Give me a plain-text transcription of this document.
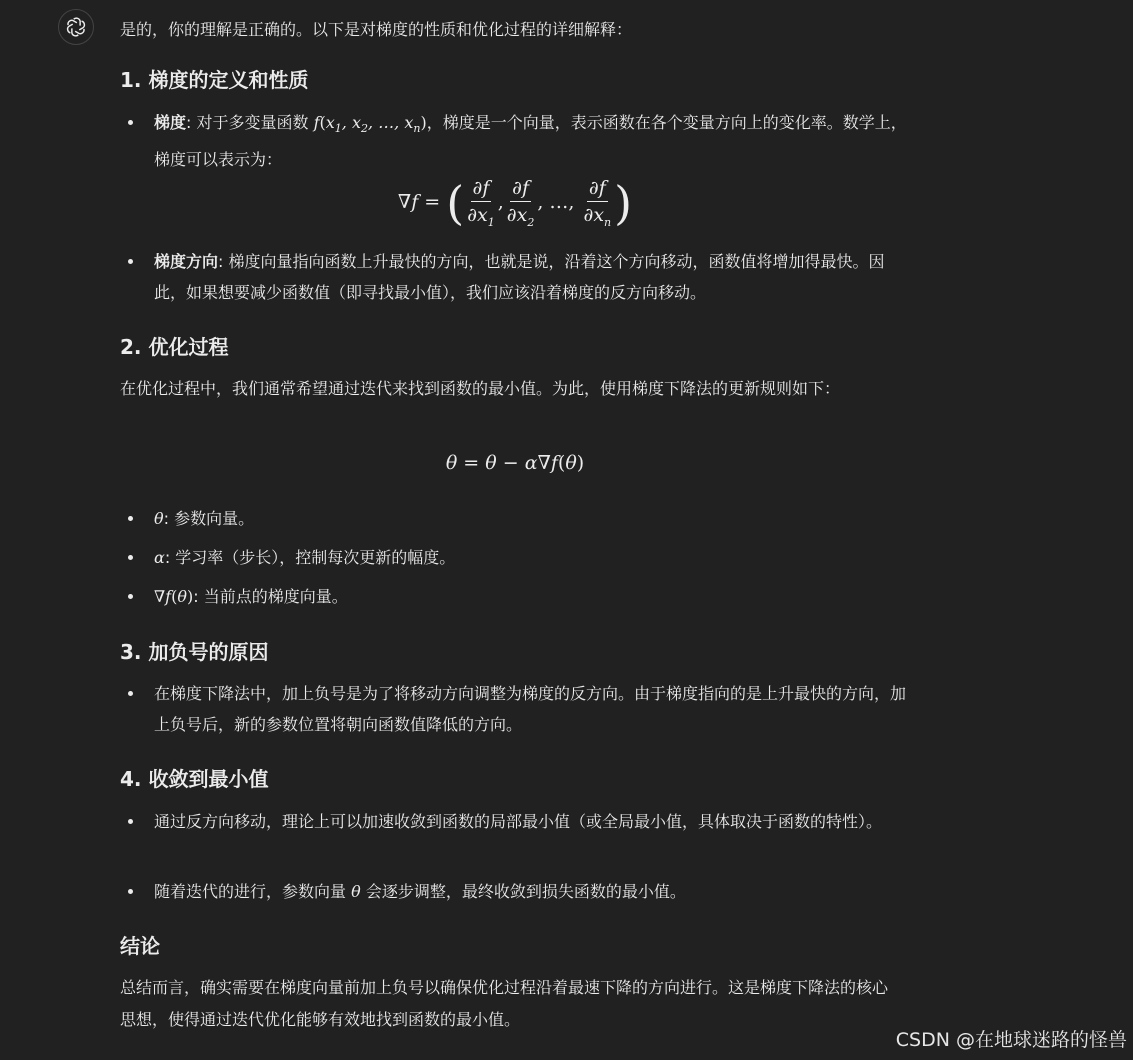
是的，你的理解是正确的。以下是对梯度的性质和优化过程的详细解释：
1. 梯度的定义和性质
梯度: 对于多变量函数 $f(x_1$, $x_2$, …, $x_n$)，梯度是一个向量，表示函数在各个变量方向上的变化率。数学上，梯度可以表示为：
∇f = ( $\frac{\partial f}{\partial x_1}$ , $\frac{\partial f}{\partial x_2}$ , …, $\frac{\partial f}{\partial x_n}$ )
梯度方向: 梯度向量指向函数上升最快的方向，也就是说，沿着这个方向移动，函数值将增加得最快。因此，如果想要减少函数值（即寻找最小值），我们应该沿着梯度的反方向移动。
2. 优化过程

在优化过程中，我们通常希望通过迭代来找到函数的最小值。为此，使用梯度下降法的更新规则如下：

θ = θ − α∇f(θ)
θ: 参数向量。
α: 学习率（步长），控制每次更新的幅度。
∇f(θ): 当前点的梯度向量。
3. 加负号的原因
在梯度下降法中，加上负号是为了将移动方向调整为梯度的反方向。由于梯度指向的是上升最快的方向，加上负号后，新的参数位置将朝向函数值降低的方向。
4. 收敛到最小值
通过反方向移动，理论上可以加速收敛到函数的局部最小值（或全局最小值，具体取决于函数的特性）。
随着迭代的进行，参数向量 θ 会逐步调整，最终收敛到损失函数的最小值。
结论

总结而言，确实需要在梯度向量前加上负号以确保优化过程沿着最速下降的方向进行。这是梯度下降法的核心思想，使得通过迭代优化能够有效地找到函数的最小值。

CSDN @在地球迷路的怪兽
